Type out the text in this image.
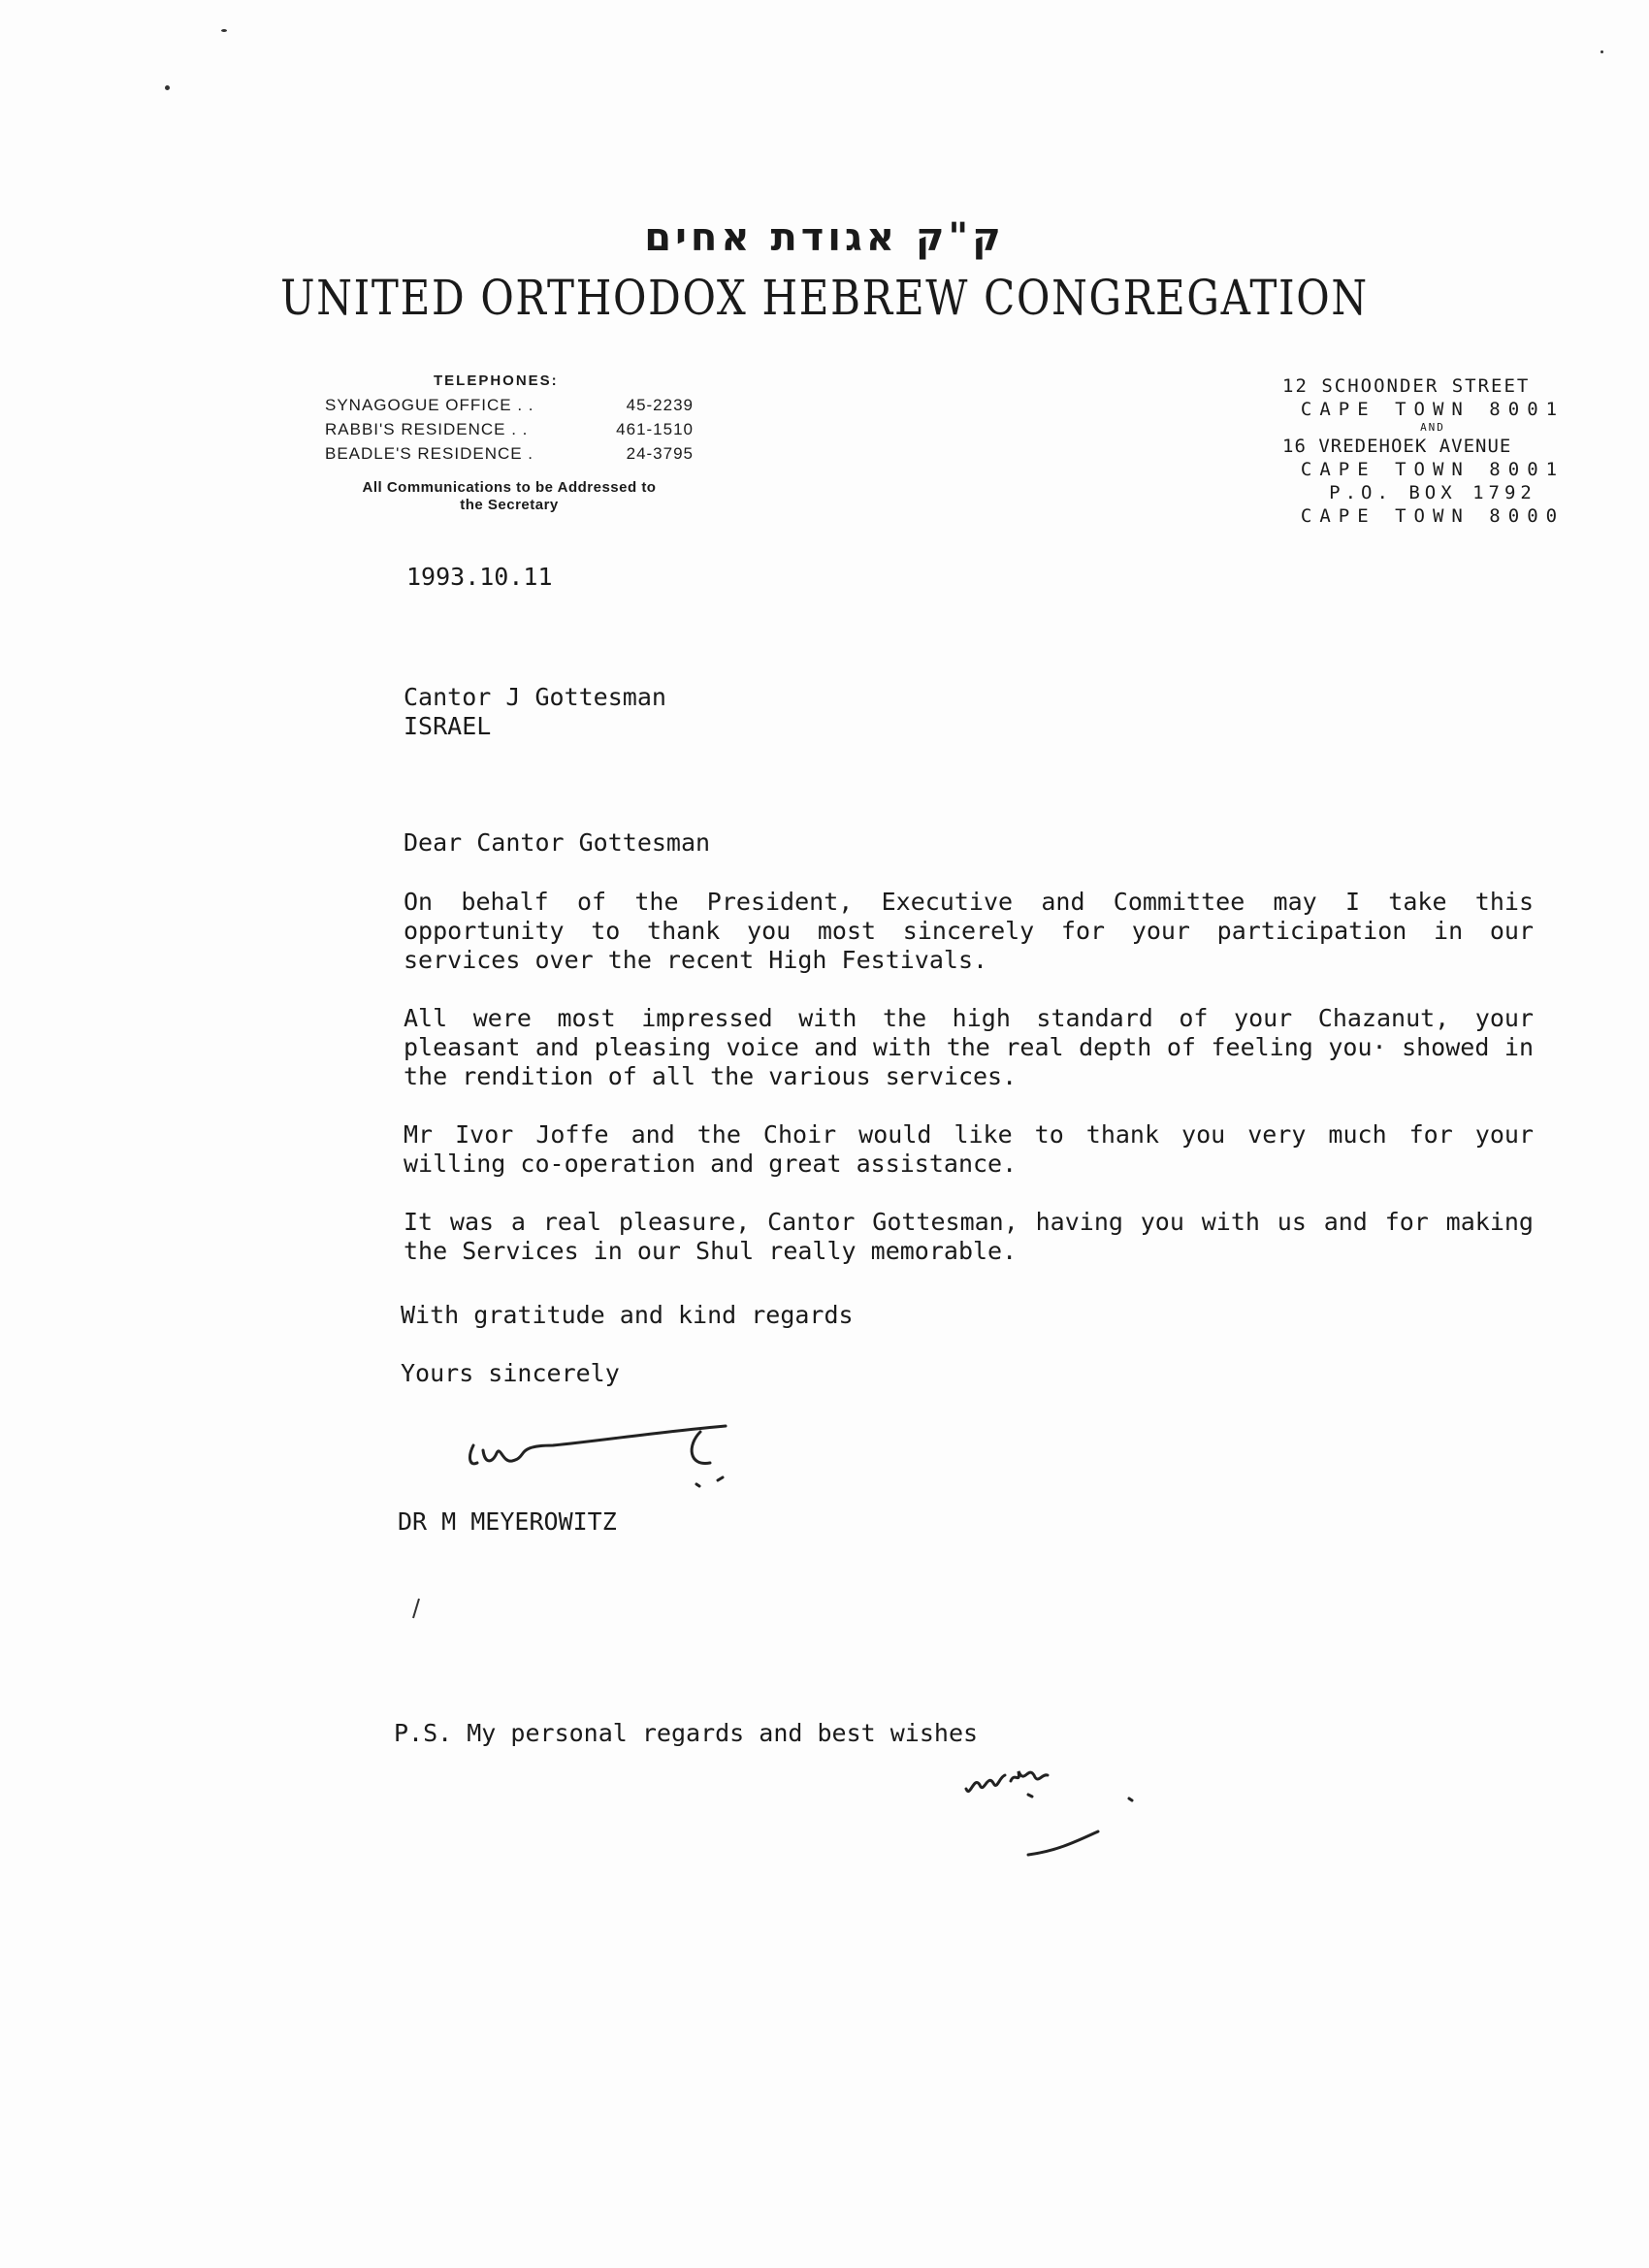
ק"ק אגודת אחים
UNITED ORTHODOX HEBREW CONGREGATION
TELEPHONES:
SYNAGOGUE OFFICE . .	45-2239
RABBI'S RESIDENCE . .	461-1510
BEADLE'S RESIDENCE .	24-3795
All Communications to be Addressed to
the Secretary
12 SCHOONDER STREET
CAPE TOWN 8001
AND
16 VREDEHOEK AVENUE
CAPE TOWN 8001
P.O. BOX 1792
CAPE TOWN 8000
1993.10.11
Cantor J Gottesman
ISRAEL
Dear Cantor Gottesman

On behalf of the President, Executive and Committee may I take this opportunity to thank you most sincerely for your participation in our services over the recent High Festivals.

All were most impressed with the high standard of your Chazanut, your pleasant and pleasing voice and with the real depth of feeling you· showed in the rendition of all the various services.

Mr Ivor Joffe and the Choir would like to thank you very much for your willing co-operation and great assistance.

It was a real pleasure, Cantor Gottesman, having you with us and for making the Services in our Shul really memorable.

With gratitude and kind regards
Yours sincerely
DR M MEYEROWITZ
P.S. My personal regards and best wishes
